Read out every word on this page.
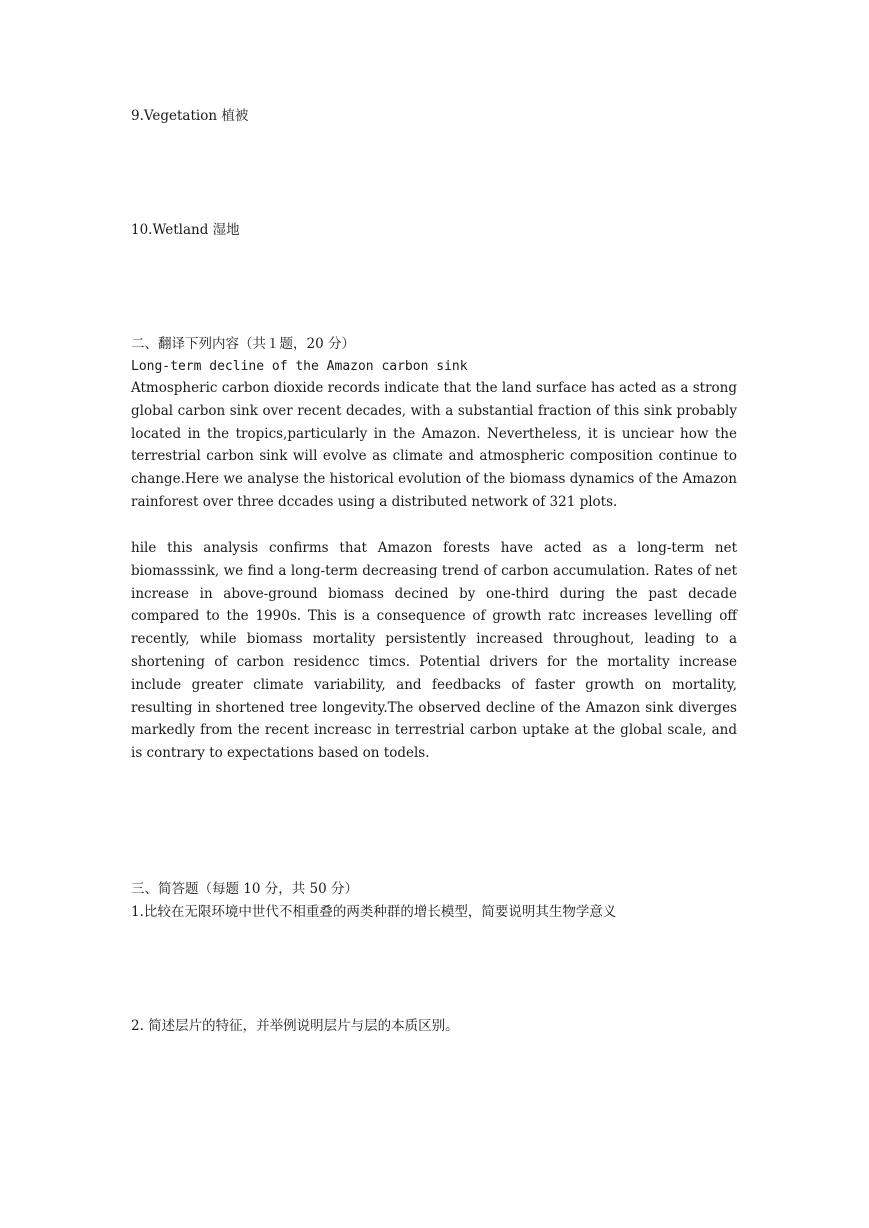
9.Vegetation 植被
10.Wetland 湿地
二、翻译下列内容（共１题，20 分）
Long-term decline of the Amazon carbon sink
Atmospheric carbon dioxide records indicate that the land surface has acted as a strong global carbon sink over recent decades, with a substantial fraction of this sink probably located in the tropics,particularly in the Amazon. Nevertheless, it is unciear how the terrestrial carbon sink will evolve as climate and atmospheric composition continue to change.Here we analyse the historical evolution of the biomass dynamics of the Amazon rainforest over three dccades using a distributed network of 321 plots.
hile this analysis confirms that Amazon forests have acted as a long-term net biomasssink, we find a long-term decreasing trend of carbon accumulation. Rates of net increase in above-ground biomass decined by one-third during the past decade compared to the 1990s. This is a consequence of growth ratc increases levelling off recently, while biomass mortality persistently increased throughout, leading to a shortening of carbon residencc timcs. Potential drivers for the mortality increase include greater climate variability, and feedbacks of faster growth on mortality, resulting in shortened tree longevity.The observed decline of the Amazon sink diverges markedly from the recent increasc in terrestrial carbon uptake at the global scale, and is contrary to expectations based on todels.
三、简答题（每题 10 分，共 50 分）
1.比较在无限环境中世代不相重叠的两类种群的增长模型，简要说明其生物学意义
2. 简述层片的特征，并举例说明层片与层的本质区别。
